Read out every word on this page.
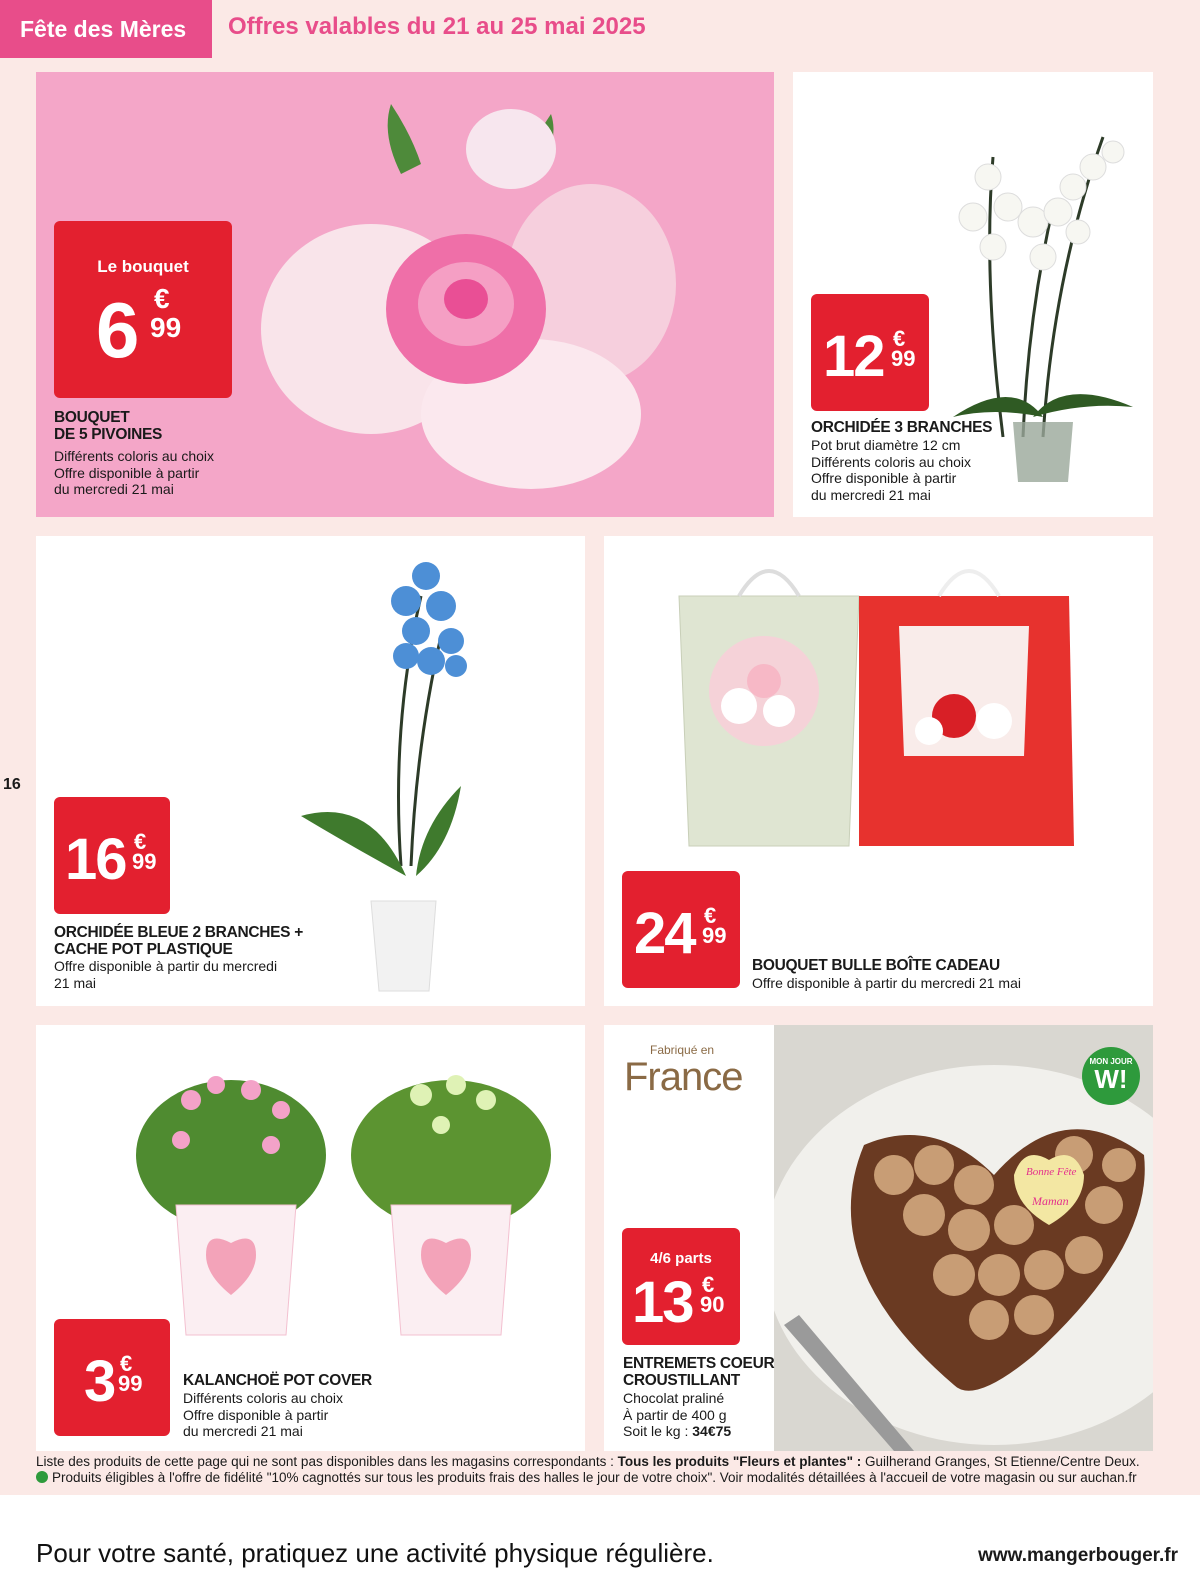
Fête des Mères	Offres valables du 21 au 25 mai 2025
Le bouquet
6 €
99
BOUQUET
DE 5 PIVOINES
Différents coloris au choix
Offre disponible à partir
du mercredi 21 mai
12 €
99
ORCHIDÉE 3 BRANCHES
Pot brut diamètre 12 cm
Différents coloris au choix
Offre disponible à partir
du mercredi 21 mai
16 €
99
ORCHIDÉE BLEUE 2 BRANCHES +
CACHE POT PLASTIQUE
Offre disponible à partir du mercredi
21 mai
24 €
99
BOUQUET BULLE BOÎTE CADEAU
Offre disponible à partir du mercredi 21 mai
3 €
99	KALANCHOË POT COVER
Différents coloris au choix
Offre disponible à partir
du mercredi 21 mai
Bonne Fête
Maman
MON JOUR
W!
Fabriqué en
France
4/6 parts
13 €
90
ENTREMETS COEUR
CROUSTILLANT
Chocolat praliné
À partir de 400 g
Soit le kg : 34€75
16
Liste des produits de cette page qui ne sont pas disponibles dans les magasins correspondants : Tous les produits "Fleurs et plantes" : Guilherand Granges, St Etienne/Centre Deux.
Produits éligibles à l'offre de fidélité "10% cagnottés sur tous les produits frais des halles le jour de votre choix". Voir modalités détaillées à l'accueil de votre magasin ou sur auchan.fr
Pour votre santé, pratiquez une activité physique régulière.	www.mangerbouger.fr
